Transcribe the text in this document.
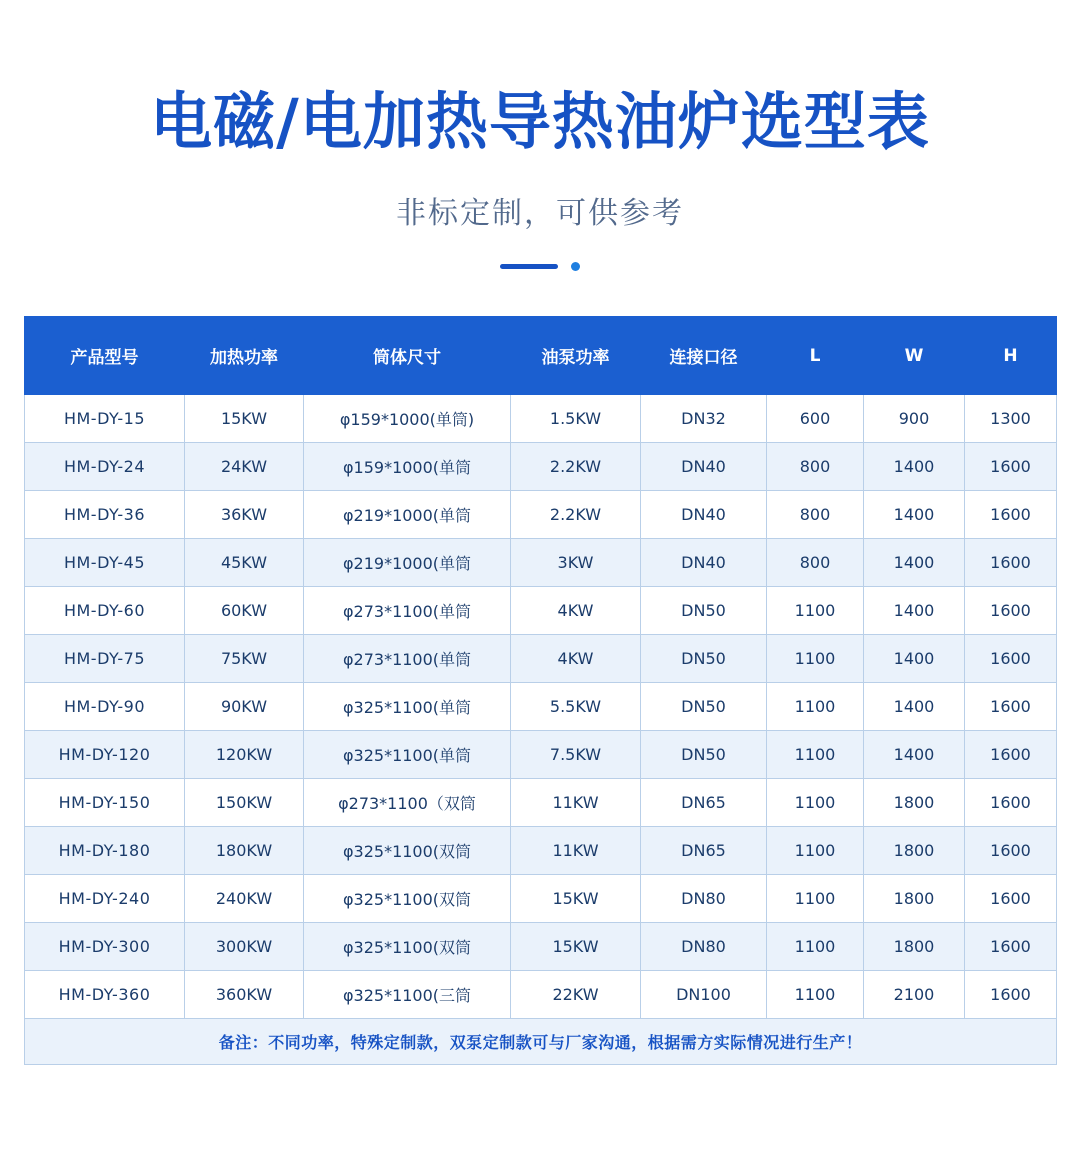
电磁/电加热导热油炉选型表
非标定制，可供参考
产品型号	加热功率	筒体尺寸	油泵功率	连接口径	L	W	H
HM-DY-15	15KW	φ159*1000(单筒)	1.5KW	DN32	600	900	1300
HM-DY-24	24KW	φ159*1000(单筒	2.2KW	DN40	800	1400	1600
HM-DY-36	36KW	φ219*1000(单筒	2.2KW	DN40	800	1400	1600
HM-DY-45	45KW	φ219*1000(单筒	3KW	DN40	800	1400	1600
HM-DY-60	60KW	φ273*1100(单筒	4KW	DN50	1100	1400	1600
HM-DY-75	75KW	φ273*1100(单筒	4KW	DN50	1100	1400	1600
HM-DY-90	90KW	φ325*1100(单筒	5.5KW	DN50	1100	1400	1600
HM-DY-120	120KW	φ325*1100(单筒	7.5KW	DN50	1100	1400	1600
HM-DY-150	150KW	φ273*1100（双筒	11KW	DN65	1100	1800	1600
HM-DY-180	180KW	φ325*1100(双筒	11KW	DN65	1100	1800	1600
HM-DY-240	240KW	φ325*1100(双筒	15KW	DN80	1100	1800	1600
HM-DY-300	300KW	φ325*1100(双筒	15KW	DN80	1100	1800	1600
HM-DY-360	360KW	φ325*1100(三筒	22KW	DN100	1100	2100	1600
备注：不同功率，特殊定制款，双泵定制款可与厂家沟通，根据需方实际情况进行生产！							
